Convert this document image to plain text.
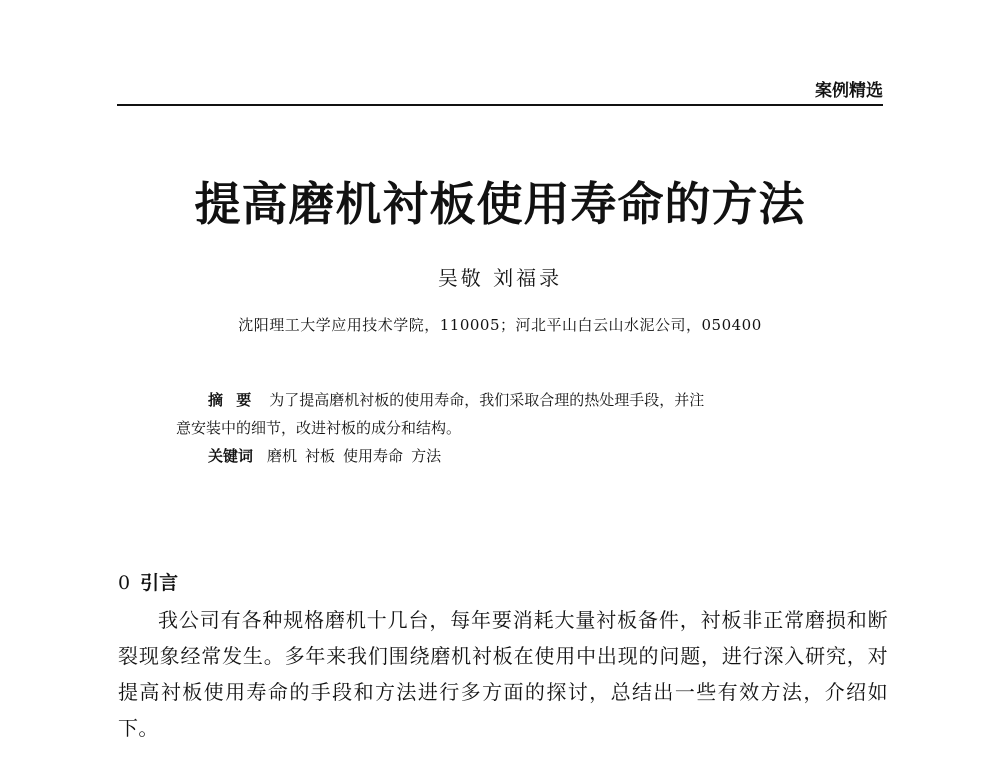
案例精选
提高磨机衬板使用寿命的方法
吴敬 刘福录
沈阳理工大学应用技术学院，110005；河北平山白云山水泥公司，050400
摘 要 为了提高磨机衬板的使用寿命，我们采取合理的热处理手段，并注
意安装中的细节，改进衬板的成分和结构。
关键词 磨机 衬板 使用寿命 方法
0 引言
我公司有各种规格磨机十几台，每年要消耗大量衬板备件，衬板非正常磨损和断裂现象经常发生。多年来我们围绕磨机衬板在使用中出现的问题，进行深入研究，对提高衬板使用寿命的手段和方法进行多方面的探讨，总结出一些有效方法，介绍如下。
